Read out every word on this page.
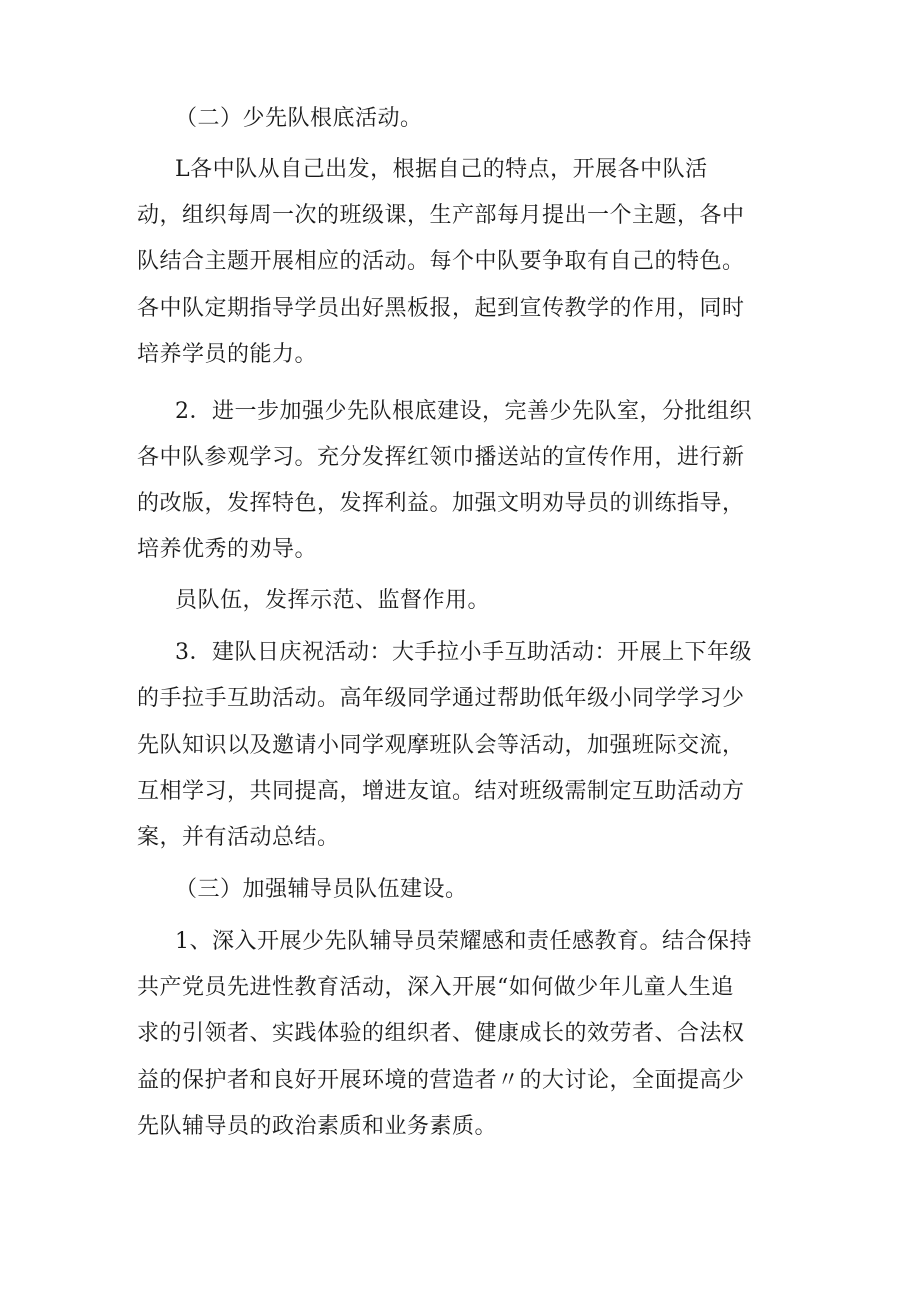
（二）少先队根底活动。
L各中队从自己出发，根据自己的特点，开展各中队活
动，组织每周一次的班级课，生产部每月提出一个主题，各中
队结合主题开展相应的活动。每个中队要争取有自己的特色。
各中队定期指导学员出好黑板报，起到宣传教学的作用，同时
培养学员的能力。
2．进一步加强少先队根底建设，完善少先队室，分批组织
各中队参观学习。充分发挥红领巾播送站的宣传作用，进行新
的改版，发挥特色，发挥利益。加强文明劝导员的训练指导，
培养优秀的劝导。
员队伍，发挥示范、监督作用。
3．建队日庆祝活动：大手拉小手互助活动：开展上下年级
的手拉手互助活动。高年级同学通过帮助低年级小同学学习少
先队知识以及邀请小同学观摩班队会等活动，加强班际交流，
互相学习，共同提高，增进友谊。结对班级需制定互助活动方
案，并有活动总结。
（三）加强辅导员队伍建设。
1、深入开展少先队辅导员荣耀感和责任感教育。结合保持
共产党员先进性教育活动，深入开展“如何做少年儿童人生追
求的引领者、实践体验的组织者、健康成长的效劳者、合法权
益的保护者和良好开展环境的营造者〃的大讨论，全面提高少
先队辅导员的政治素质和业务素质。
